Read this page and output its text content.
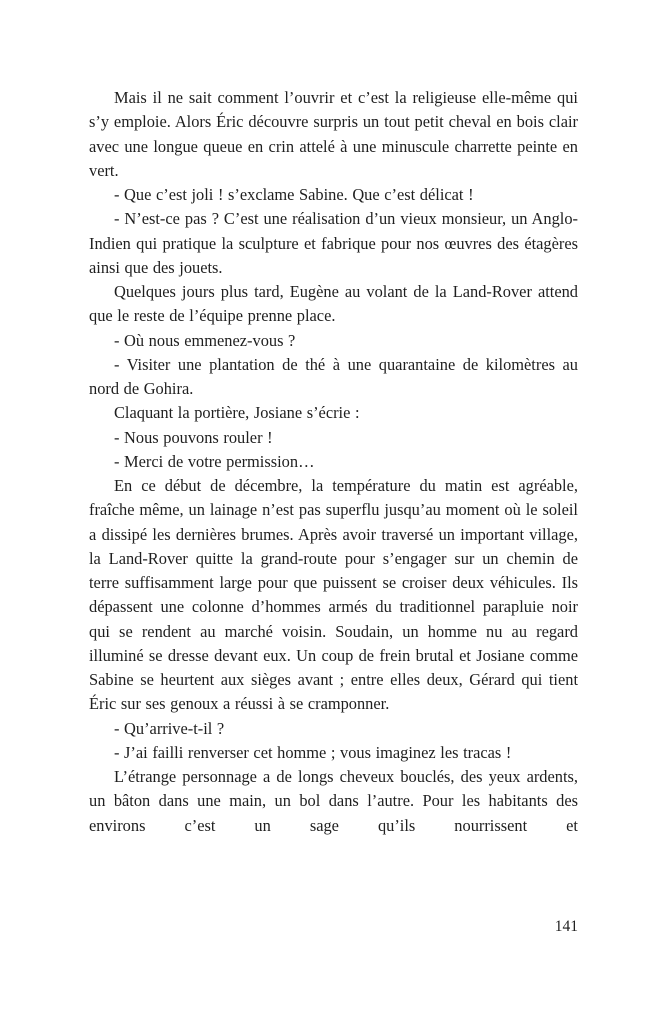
Mais il ne sait comment l’ouvrir et c’est la religieuse elle-même qui s’y emploie. Alors Éric découvre surpris un tout petit cheval en bois clair avec une longue queue en crin attelé à une minuscule charrette peinte en vert.

- Que c’est joli ! s’exclame Sabine. Que c’est délicat !

- N’est-ce pas ? C’est une réalisation d’un vieux monsieur, un Anglo-Indien qui pratique la sculpture et fabrique pour nos œuvres des étagères ainsi que des jouets.

Quelques jours plus tard, Eugène au volant de la Land-Rover attend que le reste de l’équipe prenne place.

- Où nous emmenez-vous ?

- Visiter une plantation de thé à une quarantaine de kilomètres au nord de Gohira.

Claquant la portière, Josiane s’écrie :

- Nous pouvons rouler !

- Merci de votre permission…

En ce début de décembre, la température du matin est agréable, fraîche même, un lainage n’est pas superflu jusqu’au moment où le soleil a dissipé les dernières brumes. Après avoir traversé un important village, la Land-Rover quitte la grand-route pour s’engager sur un chemin de terre suffisamment large pour que puissent se croiser deux véhicules. Ils dépassent une colonne d’hommes armés du traditionnel parapluie noir qui se rendent au marché voisin. Soudain, un homme nu au regard illuminé se dresse devant eux. Un coup de frein brutal et Josiane comme Sabine se heurtent aux sièges avant ; entre elles deux, Gérard qui tient Éric sur ses genoux a réussi à se cramponner.

- Qu’arrive-t-il ?

- J’ai failli renverser cet homme ; vous imaginez les tracas !

L’étrange personnage a de longs cheveux bouclés, des yeux ardents, un bâton dans une main, un bol dans l’autre. Pour les habitants des environs c’est un sage qu’ils nourrissent et

141
